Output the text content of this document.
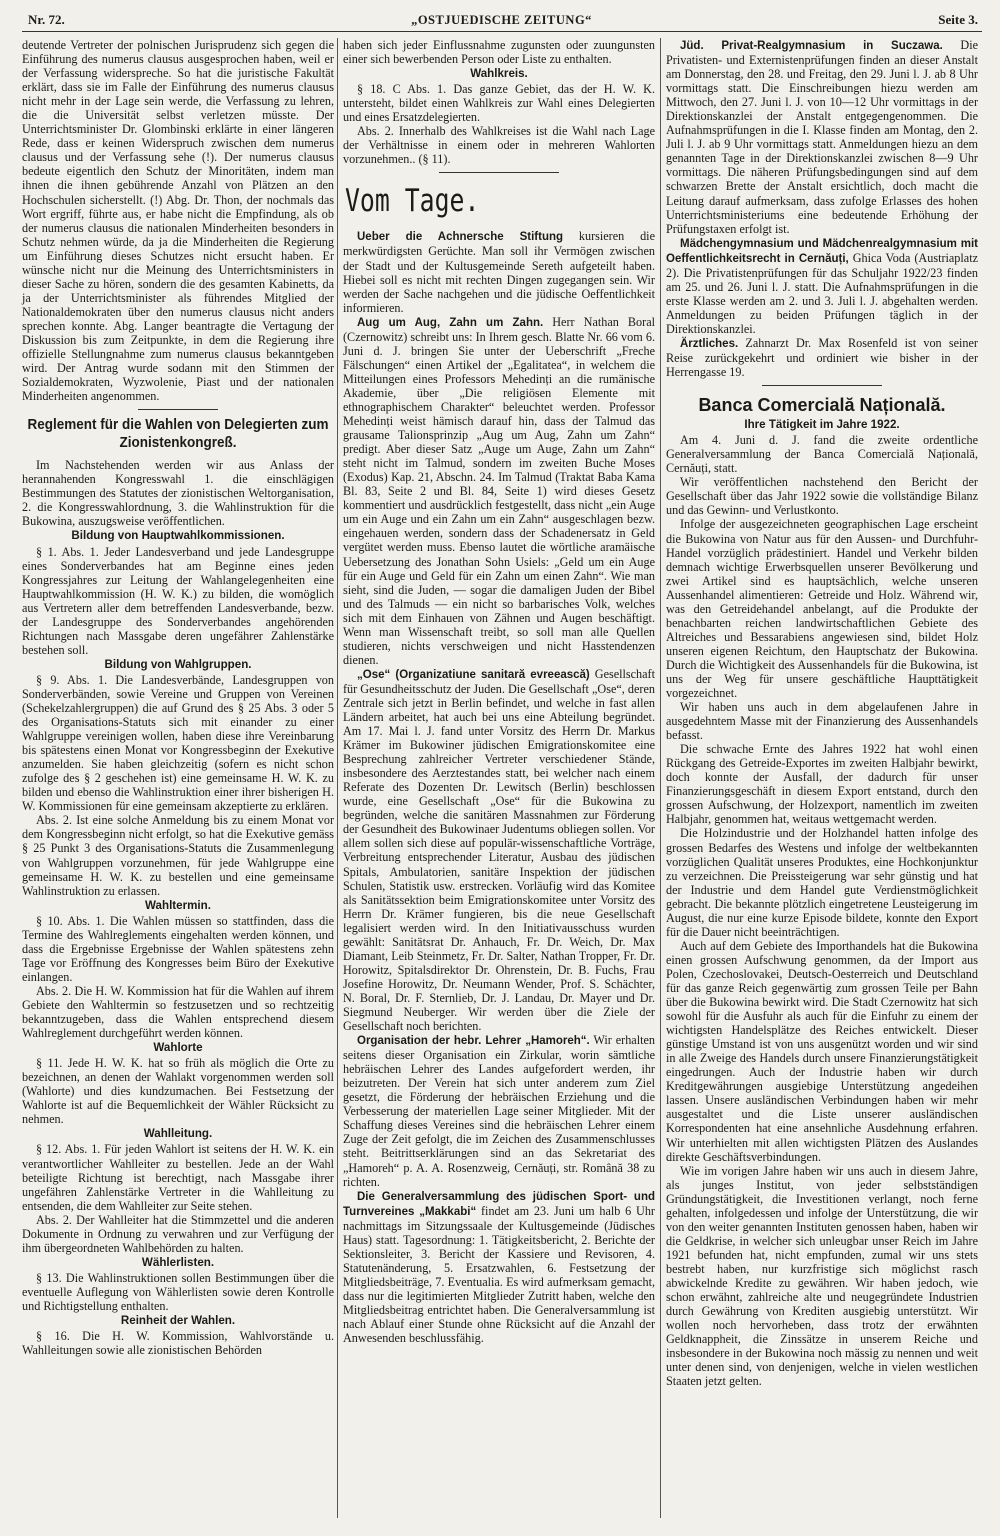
Nr. 72.	„OSTJUEDISCHE ZEITUNG“	Seite 3.

deutende Vertreter der polnischen Jurisprudenz sich gegen die Einführung des numerus clausus ausgesprochen haben, weil er der Verfassung widerspreche. So hat die juristische Fakultät erklärt, dass sie im Falle der Einführung des numerus clausus nicht mehr in der Lage sein werde, die Verfassung zu lehren, die die Universität selbst verletzen müsste. Der Unterrichtsminister Dr. Glombinski erklärte in einer längeren Rede, dass er keinen Widerspruch zwischen dem numerus clausus und der Verfassung sehe (!). Der numerus clausus bedeute eigentlich den Schutz der Minoritäten, indem man ihnen die ihnen gebührende Anzahl von Plätzen an den Hochschulen sicherstellt. (!) Abg. Dr. Thon, der nochmals das Wort ergriff, führte aus, er habe nicht die Empfindung, als ob der numerus clausus die nationalen Minderheiten besonders in Schutz nehmen würde, da ja die Minderheiten die Regierung um Einführung dieses Schutzes nicht ersucht haben. Er wünsche nicht nur die Meinung des Unterrichtsministers in dieser Sache zu hören, sondern die des gesamten Kabinetts, da ja der Unterrichtsminister als führendes Mitglied der Nationaldemokraten über den numerus clausus nicht anders sprechen konnte. Abg. Langer beantragte die Vertagung der Diskussion bis zum Zeitpunkte, in dem die Regierung ihre offizielle Stellungnahme zum numerus clausus bekanntgeben wird. Der Antrag wurde sodann mit den Stimmen der Sozialdemokraten, Wyzwolenie, Piast und der nationalen Minderheiten angenommen.

Reglement für die Wahlen von Delegierten zum Zionistenkongreß.

Im Nachstehenden werden wir aus Anlass der herannahenden Kongresswahl 1. die einschlägigen Bestimmungen des Statutes der zionistischen Weltorganisation, 2. die Kongresswahlordnung, 3. die Wahlinstruktion für die Bukowina, auszugsweise veröffentlichen.

Bildung von Hauptwahlkommissionen.

§ 1. Abs. 1. Jeder Landesverband und jede Landesgruppe eines Sonderverbandes hat am Beginne eines jeden Kongressjahres zur Leitung der Wahlangelegenheiten eine Hauptwahlkommission (H. W. K.) zu bilden, die womöglich aus Vertretern aller dem betreffenden Landesverbande, bezw. der Landesgruppe des Sonderverbandes angehörenden Richtungen nach Massgabe deren ungefährer Zahlenstärke bestehen soll.

Bildung von Wahlgruppen.

§ 9. Abs. 1. Die Landesverbände, Landesgruppen von Sonderverbänden, sowie Vereine und Gruppen von Vereinen (Schekelzahlergruppen) die auf Grund des § 25 Abs. 3 oder 5 des Organisations-Statuts sich mit einander zu einer Wahlgruppe vereinigen wollen, haben diese ihre Vereinbarung bis spätestens einen Monat vor Kongressbeginn der Exekutive anzumelden. Sie haben gleichzeitig (sofern es nicht schon zufolge des § 2 geschehen ist) eine gemeinsame H. W. K. zu bilden und ebenso die Wahlinstruktion einer ihrer bisherigen H. W. Kommissionen für eine gemeinsam akzeptierte zu erklären.

Abs. 2. Ist eine solche Anmeldung bis zu einem Monat vor dem Kongressbeginn nicht erfolgt, so hat die Exekutive gemäss § 25 Punkt 3 des Organisations-Statuts die Zusammenlegung von Wahlgruppen vorzunehmen, für jede Wahlgruppe eine gemeinsame H. W. K. zu bestellen und eine gemeinsame Wahlinstruktion zu erlassen.

Wahltermin.

§ 10. Abs. 1. Die Wahlen müssen so stattfinden, dass die Termine des Wahlreglements eingehalten werden können, und dass die Ergebnisse Ergebnisse der Wahlen spätestens zehn Tage vor Eröffnung des Kongresses beim Büro der Exekutive einlangen.

Abs. 2. Die H. W. Kommission hat für die Wahlen auf ihrem Gebiete den Wahltermin so festzusetzen und so rechtzeitig bekanntzugeben, dass die Wahlen entsprechend diesem Wahlreglement durchgeführt werden können.

Wahlorte

§ 11. Jede H. W. K. hat so früh als möglich die Orte zu bezeichnen, an denen der Wahlakt vorgenommen werden soll (Wahlorte) und dies kundzumachen. Bei Festsetzung der Wahlorte ist auf die Bequemlichkeit der Wähler Rücksicht zu nehmen.

Wahlleitung.

§ 12. Abs. 1. Für jeden Wahlort ist seitens der H. W. K. ein verantwortlicher Wahlleiter zu bestellen. Jede an der Wahl beteiligte Richtung ist berechtigt, nach Massgabe ihrer ungefähren Zahlenstärke Vertreter in die Wahlleitung zu entsenden, die dem Wahlleiter zur Seite stehen.

Abs. 2. Der Wahlleiter hat die Stimmzettel und die anderen Dokumente in Ordnung zu verwahren und zur Verfügung der ihm übergeordneten Wahlbehörden zu halten.

Wählerlisten.

§ 13. Die Wahlinstruktionen sollen Bestimmungen über die eventuelle Auflegung von Wählerlisten sowie deren Kontrolle und Richtigstellung enthalten.

Reinheit der Wahlen.

§ 16. Die H. W. Kommission, Wahlvorstände u. Wahlleitungen sowie alle zionistischen Behörden

haben sich jeder Einflussnahme zugunsten oder zuungunsten einer sich bewerbenden Person oder Liste zu enthalten.

Wahlkreis.

§ 18. C Abs. 1. Das ganze Gebiet, das der H. W. K. untersteht, bildet einen Wahlkreis zur Wahl eines Delegierten und eines Ersatzdelegierten.

Abs. 2. Innerhalb des Wahlkreises ist die Wahl nach Lage der Verhältnisse in einem oder in mehreren Wahlorten vorzunehmen.. (§ 11).

Vom Tage.

Ueber die Achnersche Stiftung kursieren die merkwürdigsten Gerüchte. Man soll ihr Vermögen zwischen der Stadt und der Kultusgemeinde Sereth aufgeteilt haben. Hiebei soll es nicht mit rechten Dingen zugegangen sein. Wir werden der Sache nachgehen und die jüdische Oeffentlichkeit informieren.

Aug um Aug, Zahn um Zahn. Herr Nathan Boral (Czernowitz) schreibt uns: In Ihrem gesch. Blatte Nr. 66 vom 6. Juni d. J. bringen Sie unter der Ueberschrift „Freche Fälschungen“ einen Artikel der „Egalitatea“, in welchem die Mitteilungen eines Professors Mehedinți an die rumänische Akademie, über „Die religiösen Elemente mit ethnographischem Charakter“ beleuchtet werden. Professor Mehedinți weist hämisch darauf hin, dass der Talmud das grausame Talionsprinzip „Aug um Aug, Zahn um Zahn“ predigt. Aber dieser Satz „Auge um Auge, Zahn um Zahn“ steht nicht im Talmud, sondern im zweiten Buche Moses (Exodus) Kap. 21, Abschn. 24. Im Talmud (Traktat Baba Kama Bl. 83, Seite 2 und Bl. 84, Seite 1) wird dieses Gesetz kommentiert und ausdrücklich festgestellt, dass nicht „ein Auge um ein Auge und ein Zahn um ein Zahn“ ausgeschlagen bezw. eingehauen werden, sondern dass der Schadenersatz in Geld vergütet werden muss. Ebenso lautet die wörtliche aramäische Uebersetzung des Jonathan Sohn Usiels: „Geld um ein Auge für ein Auge und Geld für ein Zahn um einen Zahn“. Wie man sieht, sind die Juden, — sogar die damaligen Juden der Bibel und des Talmuds — ein nicht so barbarisches Volk, welches sich mit dem Einhauen von Zähnen und Augen beschäftigt. Wenn man Wissenschaft treibt, so soll man alle Quellen studieren, nichts verschweigen und nicht Hasstendenzen dienen.

„Ose“ (Organizatiune sanitară evreească) Gesellschaft für Gesundheitsschutz der Juden. Die Gesellschaft „Ose“, deren Zentrale sich jetzt in Berlin befindet, und welche in fast allen Ländern arbeitet, hat auch bei uns eine Abteilung begründet. Am 17. Mai l. J. fand unter Vorsitz des Herrn Dr. Markus Krämer im Bukowiner jüdischen Emigrationskomitee eine Besprechung zahlreicher Vertreter verschiedener Stände, insbesondere des Aerztestandes statt, bei welcher nach einem Referate des Dozenten Dr. Lewitsch (Berlin) beschlossen wurde, eine Gesellschaft „Ose“ für die Bukowina zu begründen, welche die sanitären Massnahmen zur Förderung der Gesundheit des Bukowinaer Judentums obliegen sollen. Vor allem sollen sich diese auf populär-wissenschaftliche Vorträge, Verbreitung entsprechender Literatur, Ausbau des jüdischen Spitals, Ambulatorien, sanitäre Inspektion der jüdischen Schulen, Statistik usw. erstrecken. Vorläufig wird das Komitee als Sanitätssektion beim Emigrationskomitee unter Vorsitz des Herrn Dr. Krämer fungieren, bis die neue Gesellschaft legalisiert werden wird. In den Initiativausschuss wurden gewählt: Sanitätsrat Dr. Anhauch, Fr. Dr. Weich, Dr. Max Diamant, Leib Steinmetz, Fr. Dr. Salter, Nathan Tropper, Fr. Dr. Horowitz, Spitalsdirektor Dr. Ohrenstein, Dr. B. Fuchs, Frau Josefine Horowitz, Dr. Neumann Wender, Prof. S. Schächter, N. Boral, Dr. F. Sternlieb, Dr. J. Landau, Dr. Mayer und Dr. Siegmund Neuberger. Wir werden über die Ziele der Gesellschaft noch berichten.

Organisation der hebr. Lehrer „Hamoreh“. Wir erhalten seitens dieser Organisation ein Zirkular, worin sämtliche hebräischen Lehrer des Landes aufgefordert werden, ihr beizutreten. Der Verein hat sich unter anderem zum Ziel gesetzt, die Förderung der hebräischen Erziehung und die Verbesserung der materiellen Lage seiner Mitglieder. Mit der Schaffung dieses Vereines sind die hebräischen Lehrer einem Zuge der Zeit gefolgt, die im Zeichen des Zusammenschlusses steht. Beitrittserklärungen sind an das Sekretariat des „Hamoreh“ p. A. A. Rosenzweig, Cernăuți, str. Română 38 zu richten.

Die Generalversammlung des jüdischen Sport- und Turnvereines „Makkabi“ findet am 23. Juni um halb 6 Uhr nachmittags im Sitzungssaale der Kultusgemeinde (Jüdisches Haus) statt. Tagesordnung: 1. Tätigkeitsbericht, 2. Berichte der Sektionsleiter, 3. Bericht der Kassiere und Revisoren, 4. Statutenänderung, 5. Ersatzwahlen, 6. Festsetzung der Mitgliedsbeiträge, 7. Eventualia. Es wird aufmerksam gemacht, dass nur die legitimierten Mitglieder Zutritt haben, welche den Mitgliedsbeitrag entrichtet haben. Die Generalversammlung ist nach Ablauf einer Stunde ohne Rücksicht auf die Anzahl der Anwesenden beschlussfähig.

Jüd. Privat-Realgymnasium in Suczawa. Die Privatisten- und Externistenprüfungen finden an dieser Anstalt am Donnerstag, den 28. und Freitag, den 29. Juni l. J. ab 8 Uhr vormittags statt. Die Einschreibungen hiezu werden am Mittwoch, den 27. Juni l. J. von 10—12 Uhr vormittags in der Direktionskanzlei der Anstalt entgegengenommen. Die Aufnahmsprüfungen in die I. Klasse finden am Montag, den 2. Juli l. J. ab 9 Uhr vormittags statt. Anmeldungen hiezu an dem genannten Tage in der Direktionskanzlei zwischen 8—9 Uhr vormittags. Die näheren Prüfungsbedingungen sind auf dem schwarzen Brette der Anstalt ersichtlich, doch macht die Leitung darauf aufmerksam, dass zufolge Erlasses des hohen Unterrichtsministeriums eine bedeutende Erhöhung der Prüfungstaxen erfolgt ist.

Mädchengymnasium und Mädchenrealgymnasium mit Oeffentlichkeitsrecht in Cernăuți, Ghica Voda (Austriaplatz 2). Die Privatistenprüfungen für das Schuljahr 1922/23 finden am 25. und 26. Juni l. J. statt. Die Aufnahmsprüfungen in die erste Klasse werden am 2. und 3. Juli l. J. abgehalten werden. Anmeldungen zu beiden Prüfungen täglich in der Direktionskanzlei.

Ärztliches. Zahnarzt Dr. Max Rosenfeld ist von seiner Reise zurückgekehrt und ordiniert wie bisher in der Herrengasse 19.

Banca Comercială Națională.
Ihre Tätigkeit im Jahre 1922.

Am 4. Juni d. J. fand die zweite ordentliche Generalversammlung der Banca Comercială Națională, Cernăuți, statt.

Wir veröffentlichen nachstehend den Bericht der Gesellschaft über das Jahr 1922 sowie die vollständige Bilanz und das Gewinn- und Verlustkonto.

Infolge der ausgezeichneten geographischen Lage erscheint die Bukowina von Natur aus für den Aussen- und Durchfuhr-Handel vorzüglich prädestiniert. Handel und Verkehr bilden demnach wichtige Erwerbsquellen unserer Bevölkerung und zwei Artikel sind es hauptsächlich, welche unseren Aussenhandel alimentieren: Getreide und Holz. Während wir, was den Getreidehandel anbelangt, auf die Produkte der benachbarten reichen landwirtschaftlichen Gebiete des Altreiches und Bessarabiens angewiesen sind, bildet Holz unseren eigenen Reichtum, den Hauptschatz der Bukowina. Durch die Wichtigkeit des Aussenhandels für die Bukowina, ist uns der Weg für unsere geschäftliche Haupttätigkeit vorgezeichnet.

Wir haben uns auch in dem abgelaufenen Jahre in ausgedehntem Masse mit der Finanzierung des Aussenhandels befasst.

Die schwache Ernte des Jahres 1922 hat wohl einen Rückgang des Getreide-Exportes im zweiten Halbjahr bewirkt, doch konnte der Ausfall, der dadurch für unser Finanzierungsgeschäft in diesem Export entstand, durch den grossen Aufschwung, der Holzexport, namentlich im zweiten Halbjahr, genommen hat, weitaus wettgemacht werden.

Die Holzindustrie und der Holzhandel hatten infolge des grossen Bedarfes des Westens und infolge der weltbekannten vorzüglichen Qualität unseres Produktes, eine Hochkonjunktur zu verzeichnen. Die Preissteigerung war sehr günstig und hat der Industrie und dem Handel gute Verdienstmöglichkeit gebracht. Die bekannte plötzlich eingetretene Leusteigerung im August, die nur eine kurze Episode bildete, konnte den Export für die Dauer nicht beeinträchtigen.

Auch auf dem Gebiete des Importhandels hat die Bukowina einen grossen Aufschwung genommen, da der Import aus Polen, Czechoslovakei, Deutsch-Oesterreich und Deutschland für das ganze Reich gegenwärtig zum grossen Teile per Bahn über die Bukowina bewirkt wird. Die Stadt Czernowitz hat sich sowohl für die Ausfuhr als auch für die Einfuhr zu einem der wichtigsten Handelsplätze des Reiches entwickelt. Dieser günstige Umstand ist von uns ausgenützt worden und wir sind in alle Zweige des Handels durch unsere Finanzierungstätigkeit eingedrungen. Auch der Industrie haben wir durch Kreditgewährungen ausgiebige Unterstützung angedeihen lassen. Unsere ausländischen Verbindungen haben wir mehr ausgestaltet und die Liste unserer ausländischen Korrespondenten hat eine ansehnliche Ausdehnung erfahren. Wir unterhielten mit allen wichtigsten Plätzen des Auslandes direkte Geschäftsverbindungen.

Wie im vorigen Jahre haben wir uns auch in diesem Jahre, als junges Institut, von jeder selbstständigen Gründungstätigkeit, die Investitionen verlangt, noch ferne gehalten, infolgedessen und infolge der Unterstützung, die wir von den weiter genannten Instituten genossen haben, haben wir die Geldkrise, in welcher sich unleugbar unser Reich im Jahre 1921 befunden hat, nicht empfunden, zumal wir uns stets bestrebt haben, nur kurzfristige sich möglichst rasch abwickelnde Kredite zu gewähren. Wir haben jedoch, wie schon erwähnt, zahlreiche alte und neugegründete Industrien durch Gewährung von Krediten ausgiebig unterstützt. Wir wollen noch hervorheben, dass trotz der erwähnten Geldknappheit, die Zinssätze in unserem Reiche und insbesondere in der Bukowina noch mässig zu nennen und weit unter denen sind, von denjenigen, welche in vielen westlichen Staaten jetzt gelten.
